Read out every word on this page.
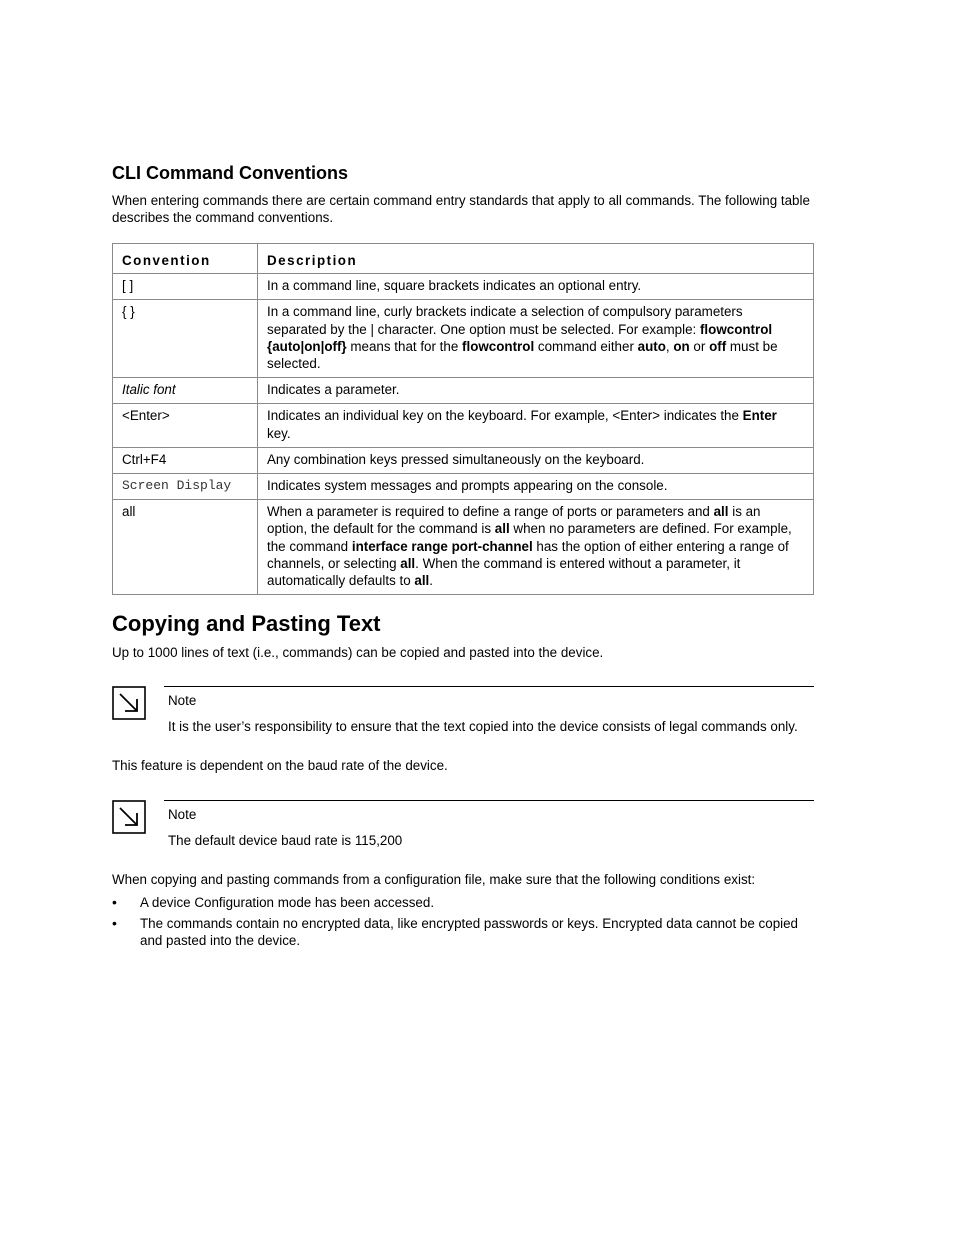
CLI Command Conventions

When entering commands there are certain command entry standards that apply to all commands. The following table describes the command conventions.

Convention	Description
[ ]	In a command line, square brackets indicates an optional entry.
{ }	In a command line, curly brackets indicate a selection of compulsory parameters separated by the | character. One option must be selected. For example: flowcontrol {auto|on|off} means that for the flowcontrol command either auto, on or off must be selected.
Italic font	Indicates a parameter.
<Enter>	Indicates an individual key on the keyboard. For example, <Enter> indicates the Enter key.
Ctrl+F4	Any combination keys pressed simultaneously on the keyboard.
Screen Display	Indicates system messages and prompts appearing on the console.
all	When a parameter is required to define a range of ports or parameters and all is an option, the default for the command is all when no parameters are defined. For example, the command interface range port-channel has the option of either entering a range of channels, or selecting all. When the command is entered without a parameter, it automatically defaults to all.
Copying and Pasting Text

Up to 1000 lines of text (i.e., commands) can be copied and pasted into the device.

Note
It is the user’s responsibility to ensure that the text copied into the device consists of legal commands only.

This feature is dependent on the baud rate of the device.

Note
The default device baud rate is 115,200

When copying and pasting commands from a configuration file, make sure that the following conditions exist:

• A device Configuration mode has been accessed.
• The commands contain no encrypted data, like encrypted passwords or keys. Encrypted data cannot be copied and pasted into the device.
